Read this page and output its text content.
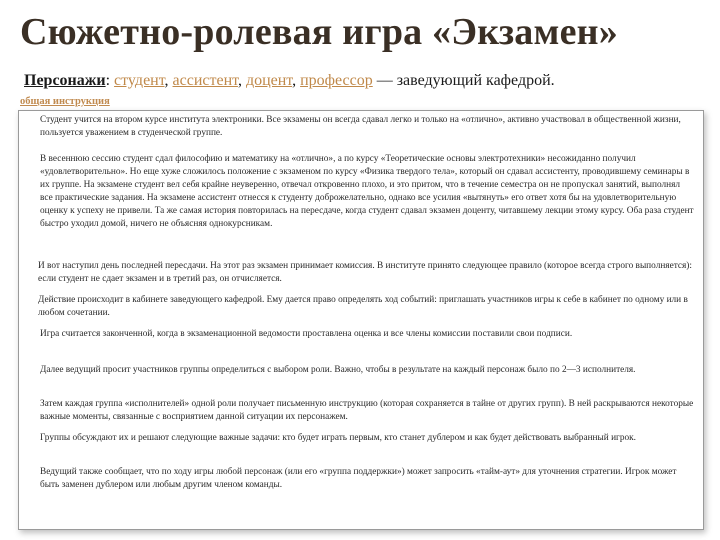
Сюжетно-ролевая игра «Экзамен»
Персонажи: студент, ассистент, доцент, профессор — заведующий кафедрой.
общая инструкция
Студент учится на втором курсе института электроники. Все экзамены он всегда сдавал легко и только на «отлично», активно участвовал в общественной жизни, пользуется уважением в студенческой группе.
В весеннюю сессию студент сдал философию и математику на «отлично», а по курсу «Теоретические основы электротехники» несожиданно получил «удовлетворительно». Но еще хуже сложилось положение с экзаменом по курсу «Физика твердого тела», который он сдавал ассистенту, проводившему семинары в их группе. На экзамене студент вел себя крайне неуверенно, отвечал откровенно плохо, и это притом, что в течение семестра он не пропускал занятий, выполнял все практические задания. На экзамене ассистент отнесся к студенту доброжелательно, однако все усилия «вытянуть» его ответ хотя бы на удовлетворительную оценку к успеху не привели. Та же самая история повторилась на пересдаче, когда студент сдавал экзамен доценту, читавшему лекции этому курсу. Оба раза студент быстро уходил домой, ничего не объясняя однокурсникам.
И вот наступил день последней пересдачи. На этот раз экзамен принимает комиссия. В институте принято следующее правило (которое всегда строго выполняется): если студент не сдает экзамен и в третий раз, он отчисляется.
Действие происходит в кабинете заведующего кафедрой. Ему дается право определять ход событий: приглашать участников игры к себе в кабинет по одному или в любом сочетании.
Игра считается законченной, когда в экзаменационной ведомости проставлена оценка и все члены комиссии поставили свои подписи.
Далее ведущий просит участников группы определиться с выбором роли. Важно, чтобы в результате на каждый персонаж было по 2—3 исполнителя.
Затем каждая группа «исполнителей» одной роли получает письменную инструкцию (которая сохраняется в тайне от других групп). В ней раскрываются некоторые важные моменты, связанные с восприятием данной ситуации их персонажем.
Группы обсуждают их и решают следующие важные задачи: кто будет играть первым, кто станет дублером и как будет действовать выбранный игрок.
Ведущий также сообщает, что по ходу игры любой персонаж (или его «группа поддержки») может запросить «тайм-аут» для уточнения стратегии. Игрок может быть заменен дублером или любым другим членом команды.
